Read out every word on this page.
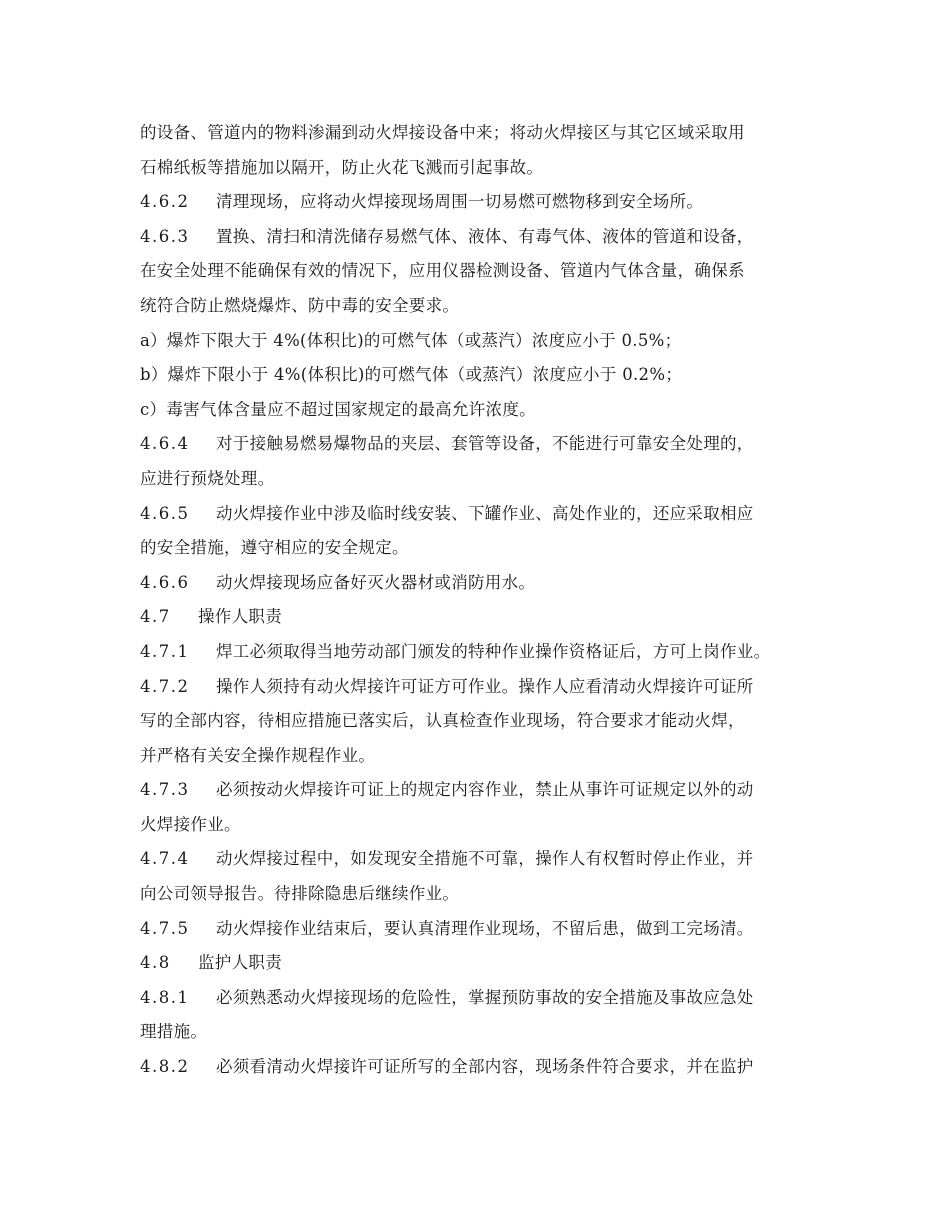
的设备、管道内的物料渗漏到动火焊接设备中来；将动火焊接区与其它区域采取用
石棉纸板等措施加以隔开，防止火花飞溅而引起事故。
4.6.2 清理现场，应将动火焊接现场周围一切易燃可燃物移到安全场所。
4.6.3 置换、清扫和清洗储存易燃气体、液体、有毒气体、液体的管道和设备，
在安全处理不能确保有效的情况下，应用仪器检测设备、管道内气体含量，确保系
统符合防止燃烧爆炸、防中毒的安全要求。
a）爆炸下限大于 4%(体积比)的可燃气体（或蒸汽）浓度应小于 0.5%；
b）爆炸下限小于 4%(体积比)的可燃气体（或蒸汽）浓度应小于 0.2%；
c）毒害气体含量应不超过国家规定的最高允许浓度。
4.6.4 对于接触易燃易爆物品的夹层、套管等设备，不能进行可靠安全处理的，
应进行预烧处理。
4.6.5 动火焊接作业中涉及临时线安装、下罐作业、高处作业的，还应采取相应
的安全措施，遵守相应的安全规定。
4.6.6 动火焊接现场应备好灭火器材或消防用水。
4.7 操作人职责
4.7.1 焊工必须取得当地劳动部门颁发的特种作业操作资格证后，方可上岗作业。
4.7.2 操作人须持有动火焊接许可证方可作业。操作人应看清动火焊接许可证所
写的全部内容，待相应措施已落实后，认真检查作业现场，符合要求才能动火焊，
并严格有关安全操作规程作业。
4.7.3 必须按动火焊接许可证上的规定内容作业，禁止从事许可证规定以外的动
火焊接作业。
4.7.4 动火焊接过程中，如发现安全措施不可靠，操作人有权暂时停止作业，并
向公司领导报告。待排除隐患后继续作业。
4.7.5 动火焊接作业结束后，要认真清理作业现场，不留后患，做到工完场清。
4.8 监护人职责
4.8.1 必须熟悉动火焊接现场的危险性，掌握预防事故的安全措施及事故应急处
理措施。
4.8.2 必须看清动火焊接许可证所写的全部内容，现场条件符合要求，并在监护
